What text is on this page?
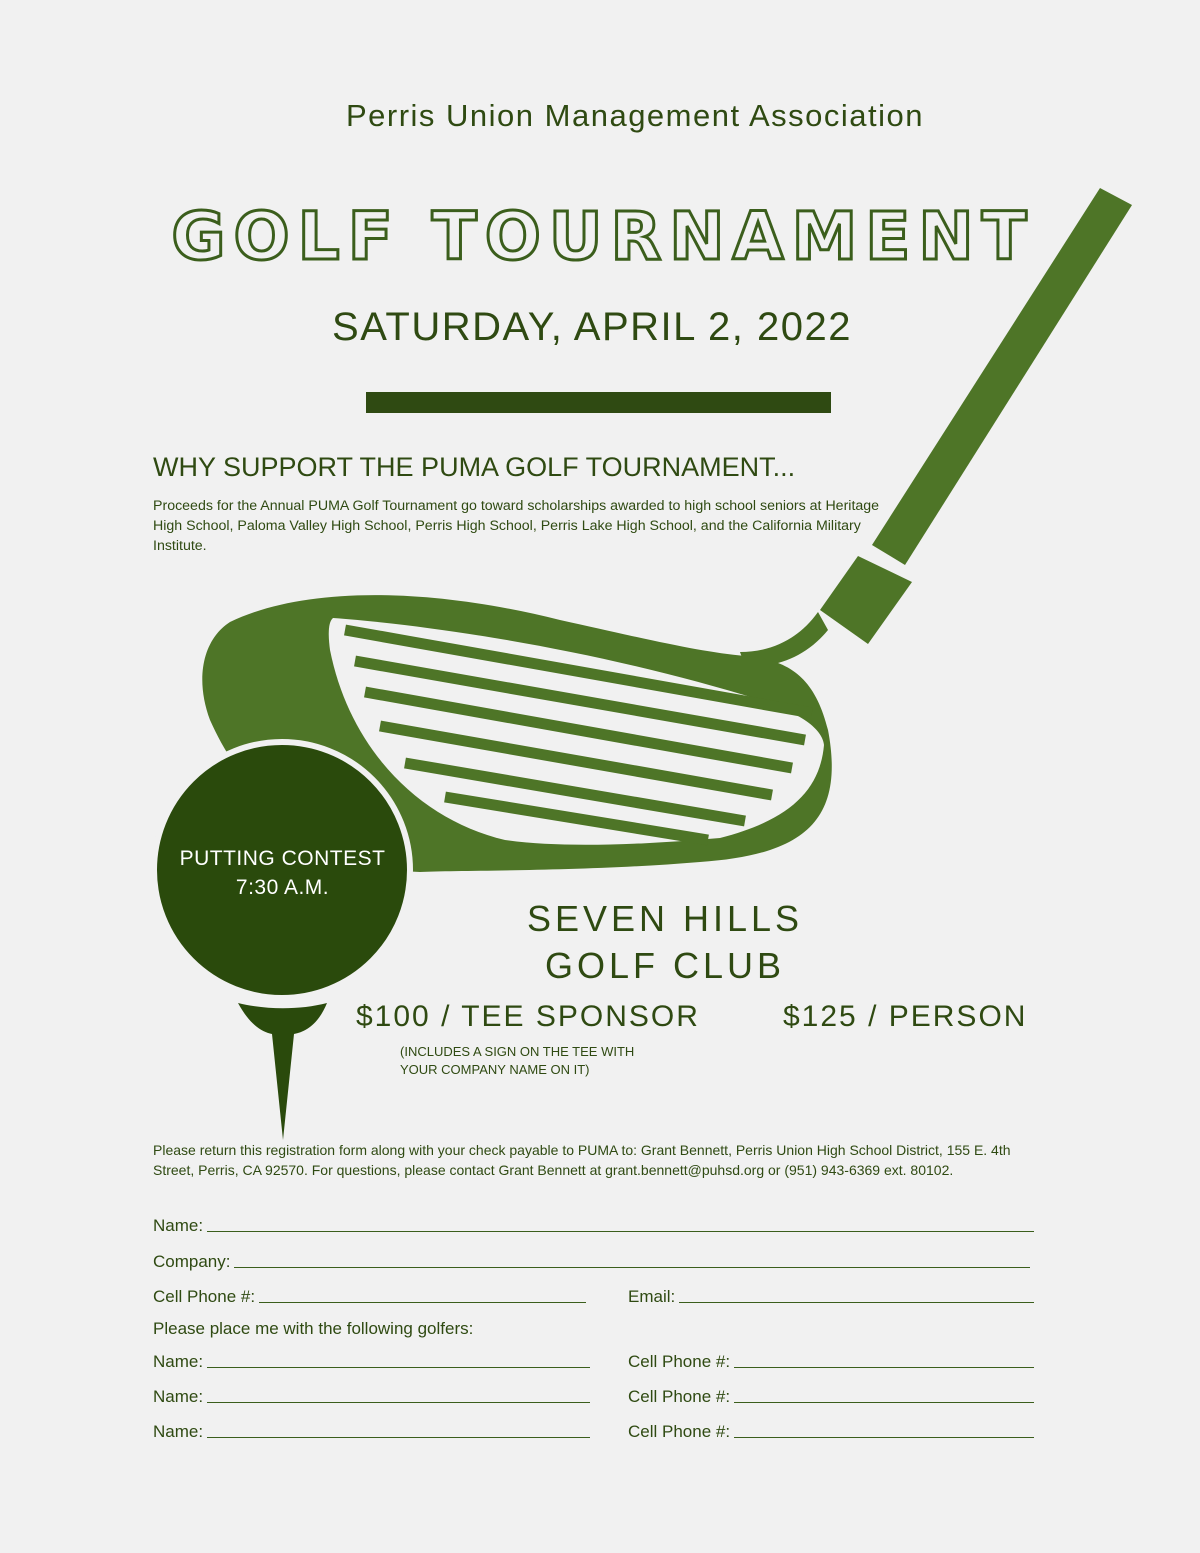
Perris Union Management Association
GOLF TOURNAMENT
SATURDAY, APRIL 2, 2022
WHY SUPPORT THE PUMA GOLF TOURNAMENT...
Proceeds for the Annual PUMA Golf Tournament go toward scholarships awarded to high school seniors at Heritage High School, Paloma Valley High School, Perris High School, Perris Lake High School, and the California Military Institute.
PUTTING CONTEST
7:30 A.M.
SEVEN HILLS
GOLF CLUB
$100 / TEE SPONSOR
(INCLUDES A SIGN ON THE TEE WITH
YOUR COMPANY NAME ON IT)
$125 / PERSON
Please return this registration form along with your check payable to PUMA to: Grant Bennett, Perris Union High School District, 155 E. 4th Street, Perris, CA 92570. For questions, please contact Grant Bennett at grant.bennett@puhsd.org or (951) 943-6369 ext. 80102.
Name:
Company:
Cell Phone #:	Email:
Please place me with the following golfers:
Name:	Cell Phone #:
Name:	Cell Phone #:
Name:	Cell Phone #:
